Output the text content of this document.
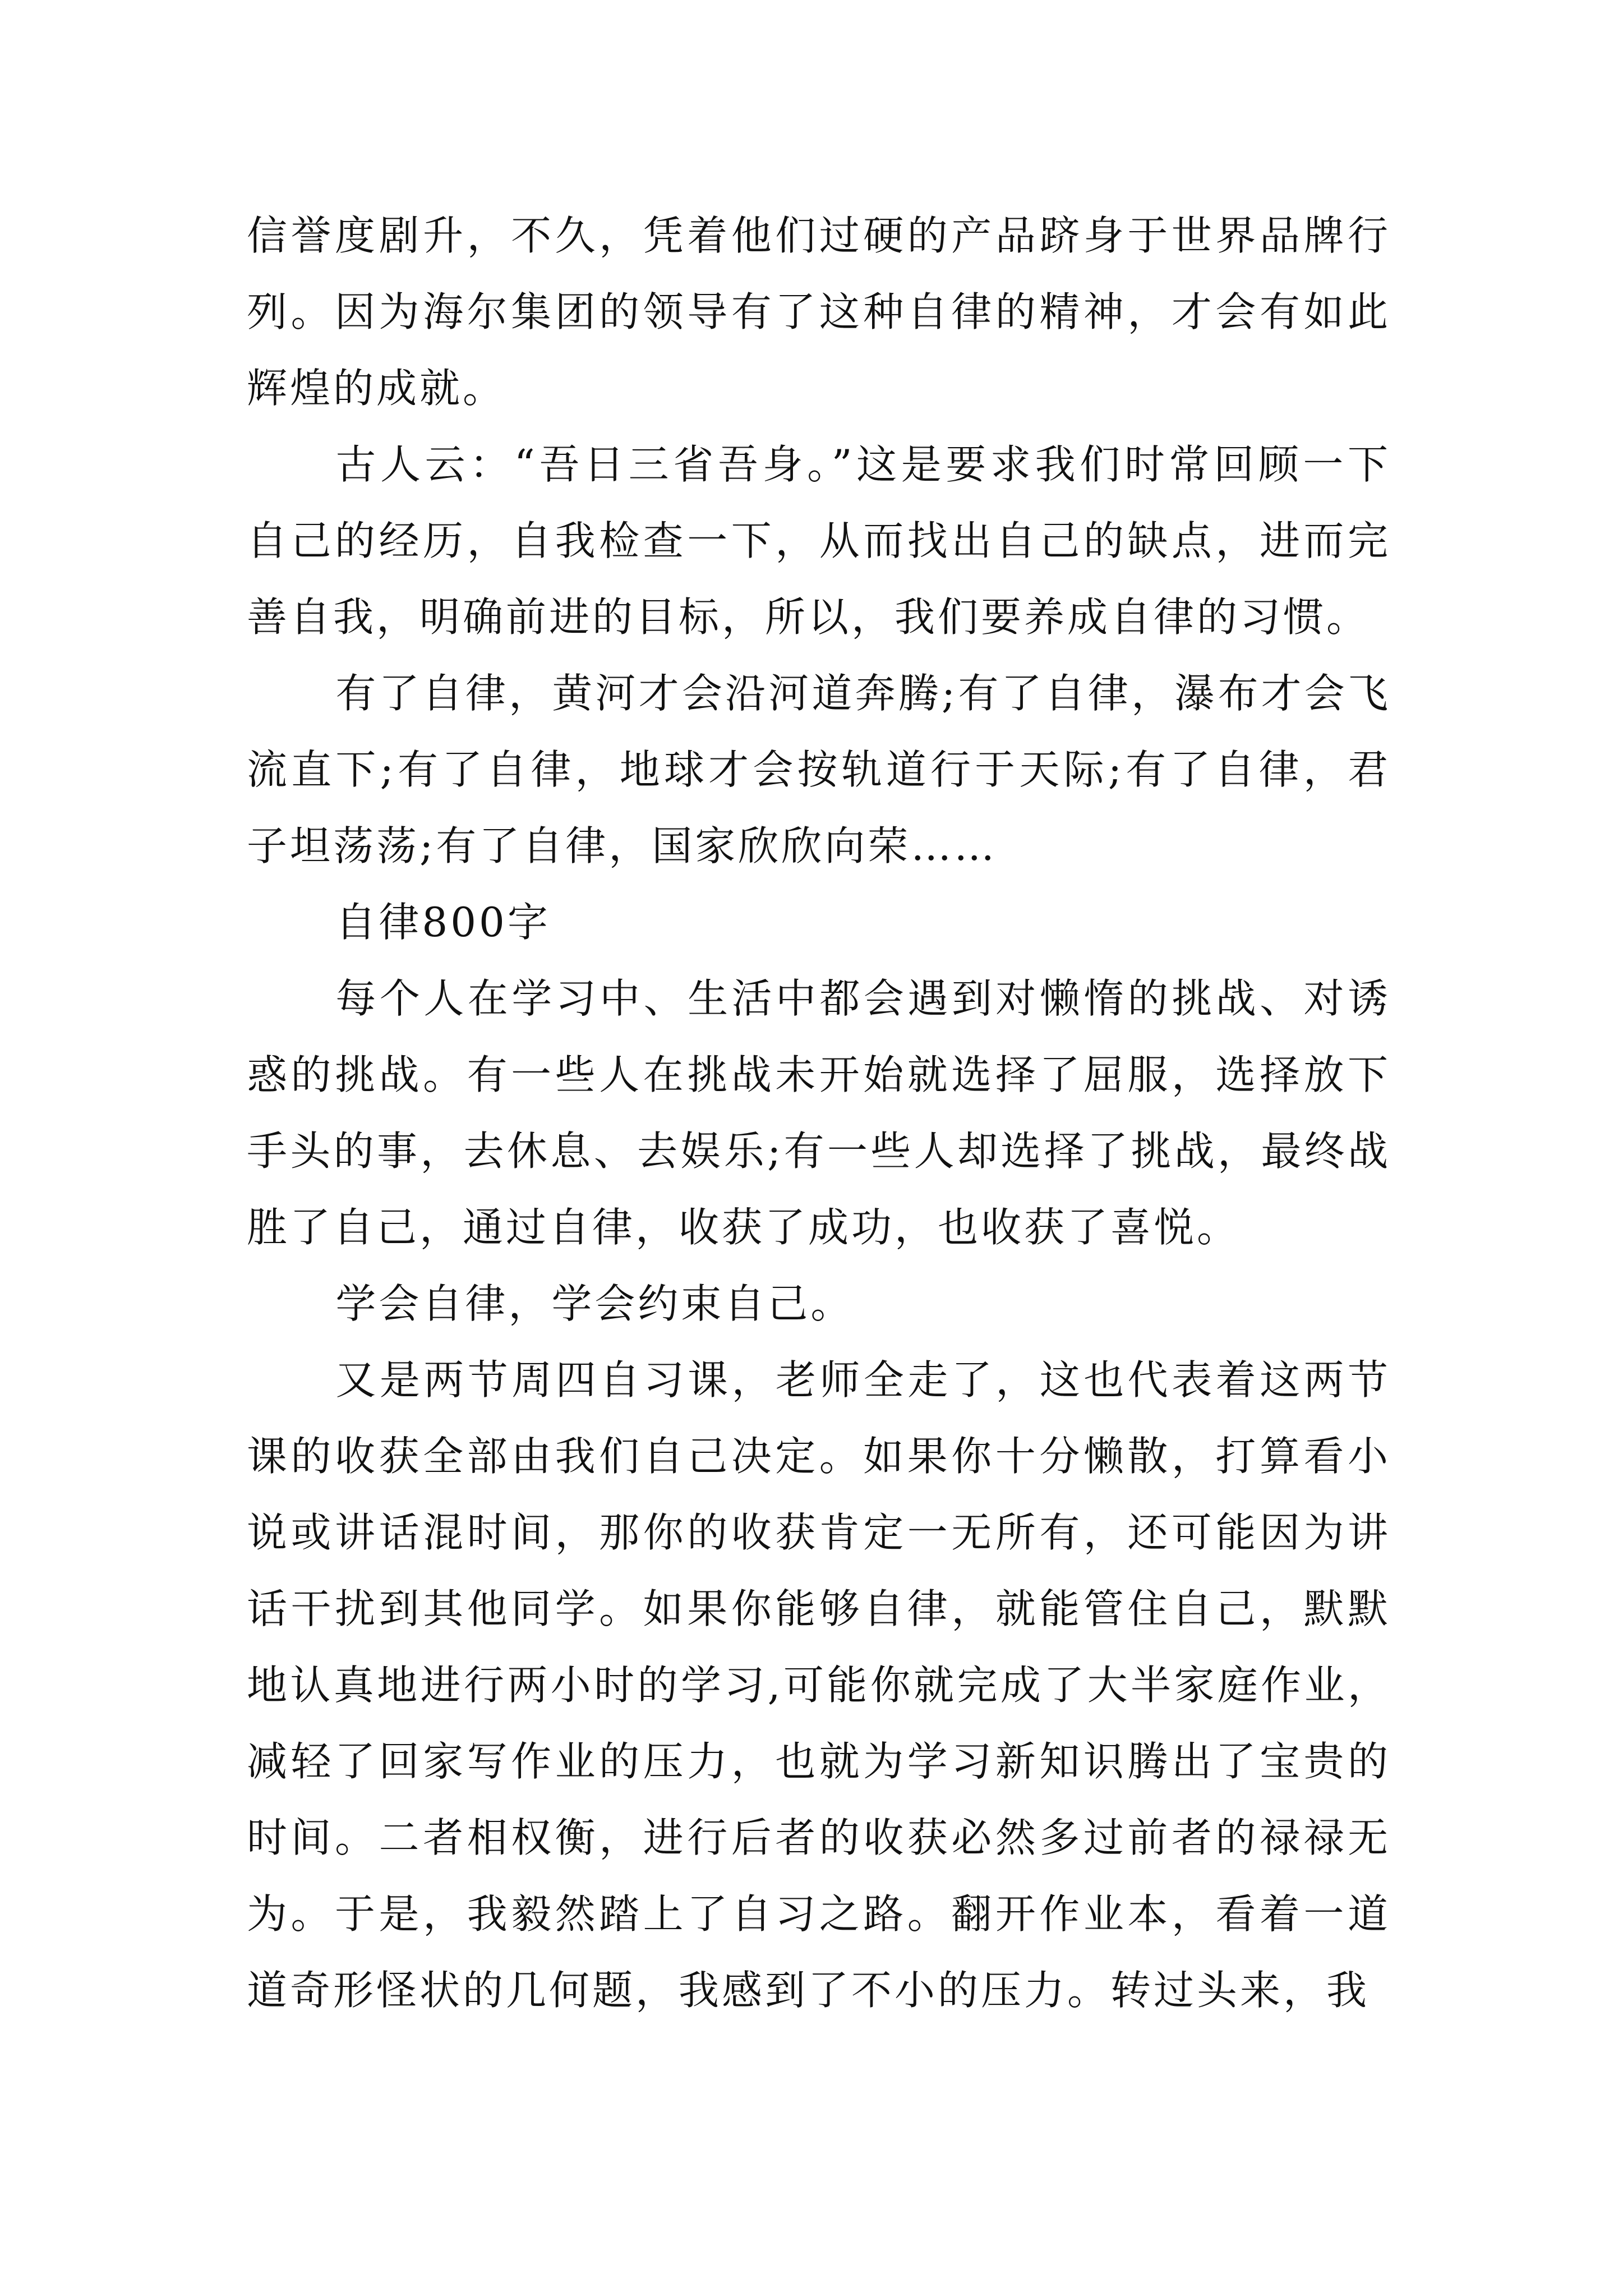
信誉度剧升，不久，凭着他们过硬的产品跻身于世界品牌行列。因为海尔集团的领导有了这种自律的精神，才会有如此辉煌的成就。

古人云：“吾日三省吾身。”这是要求我们时常回顾一下自己的经历，自我检查一下，从而找出自己的缺点，进而完善自我，明确前进的目标，所以，我们要养成自律的习惯。

有了自律，黄河才会沿河道奔腾;有了自律，瀑布才会飞流直下;有了自律，地球才会按轨道行于天际;有了自律，君子坦荡荡;有了自律，国家欣欣向荣……

自律800字

每个人在学习中、生活中都会遇到对懒惰的挑战、对诱惑的挑战。有一些人在挑战未开始就选择了屈服，选择放下手头的事，去休息、去娱乐;有一些人却选择了挑战，最终战胜了自己，通过自律，收获了成功，也收获了喜悦。

学会自律，学会约束自己。

又是两节周四自习课，老师全走了，这也代表着这两节课的收获全部由我们自己决定。如果你十分懒散，打算看小说或讲话混时间，那你的收获肯定一无所有，还可能因为讲话干扰到其他同学。如果你能够自律，就能管住自己，默默地认真地进行两小时的学习,可能你就完成了大半家庭作业，减轻了回家写作业的压力，也就为学习新知识腾出了宝贵的时间。二者相权衡，进行后者的收获必然多过前者的禄禄无为。于是，我毅然踏上了自习之路。翻开作业本，看着一道道奇形怪状的几何题，我感到了不小的压力。转过头来，我
